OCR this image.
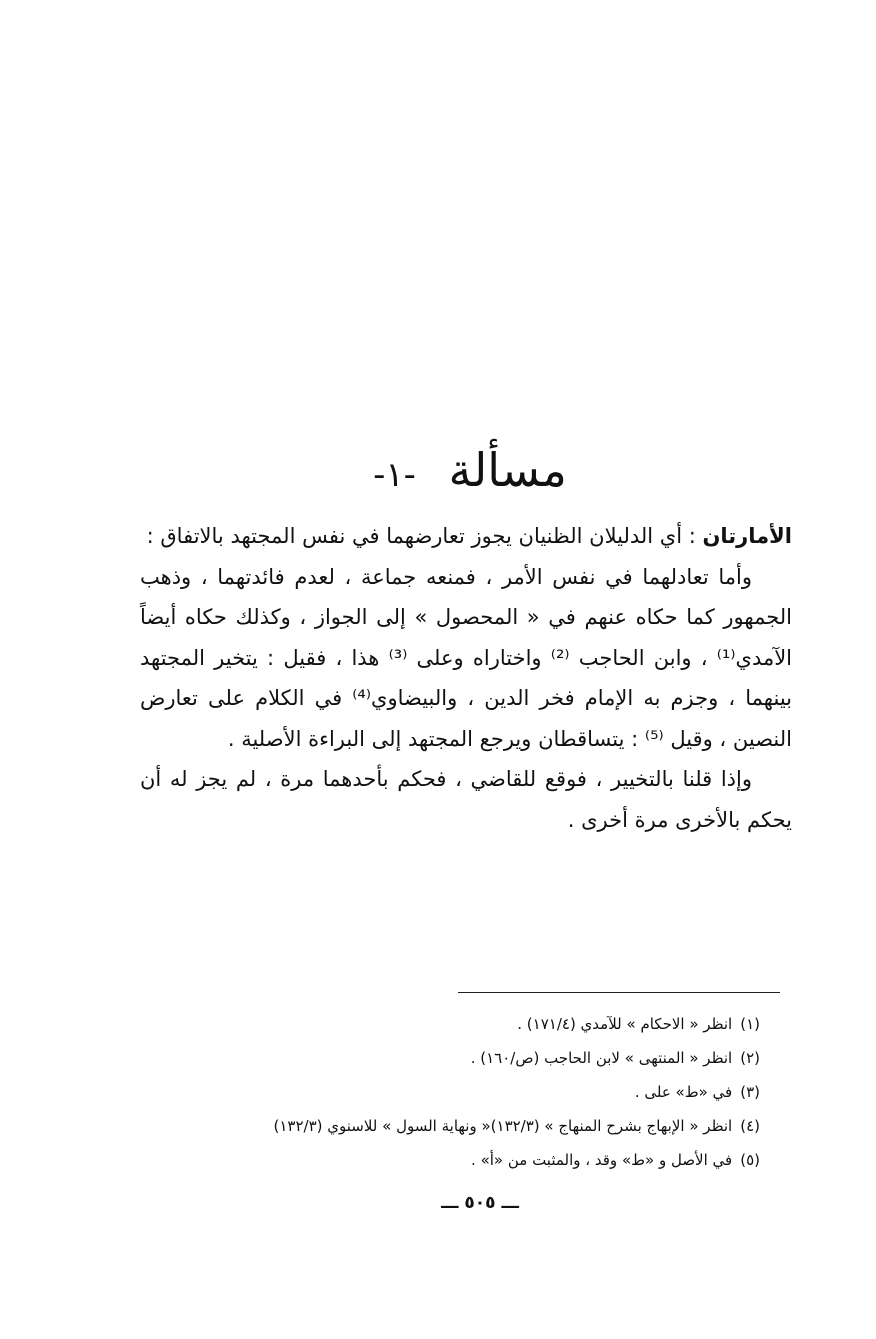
مسألة -١-

الأمارتان : أي الدليلان الظنيان يجوز تعارضهما في نفس المجتهد بالاتفاق :

وأما تعادلهما في نفس الأمر ، فمنعه جماعة ، لعدم فائدتهما ، وذهب الجمهور كما حكاه عنهم في « المحصول » إلى الجواز ، وكذلك حكاه أيضاً الآمدي⁽¹⁾ ، وابن الحاجب ⁽²⁾ واختاراه وعلى ⁽³⁾ هذا ، فقيل : يتخير المجتهد بينهما ، وجزم به الإمام فخر الدين ، والبيضاوي⁽⁴⁾ في الكلام على تعارض النصين ، وقيل ⁽⁵⁾ : يتساقطان ويرجع المجتهد إلى البراءة الأصلية .

وإذا قلنا بالتخيير ، فوقع للقاضي ، فحكم بأحدهما مرة ، لم يجز له أن يحكم بالأخرى مرة أخرى .

(١)انظر « الاحكام » للآمدي (١٧١/٤) .
(٢)انظر « المنتهى » لابن الحاجب (ص/١٦٠) .
(٣)في «ط» على .
(٤)انظر « الإبهاج بشرح المنهاج » (١٣٢/٣)« ونهاية السول » للاسنوي (١٣٢/٣)
(٥)في الأصل و «ط» وقد ، والمثبت من «أ» .
ـــ ٥٠٥ ـــ
